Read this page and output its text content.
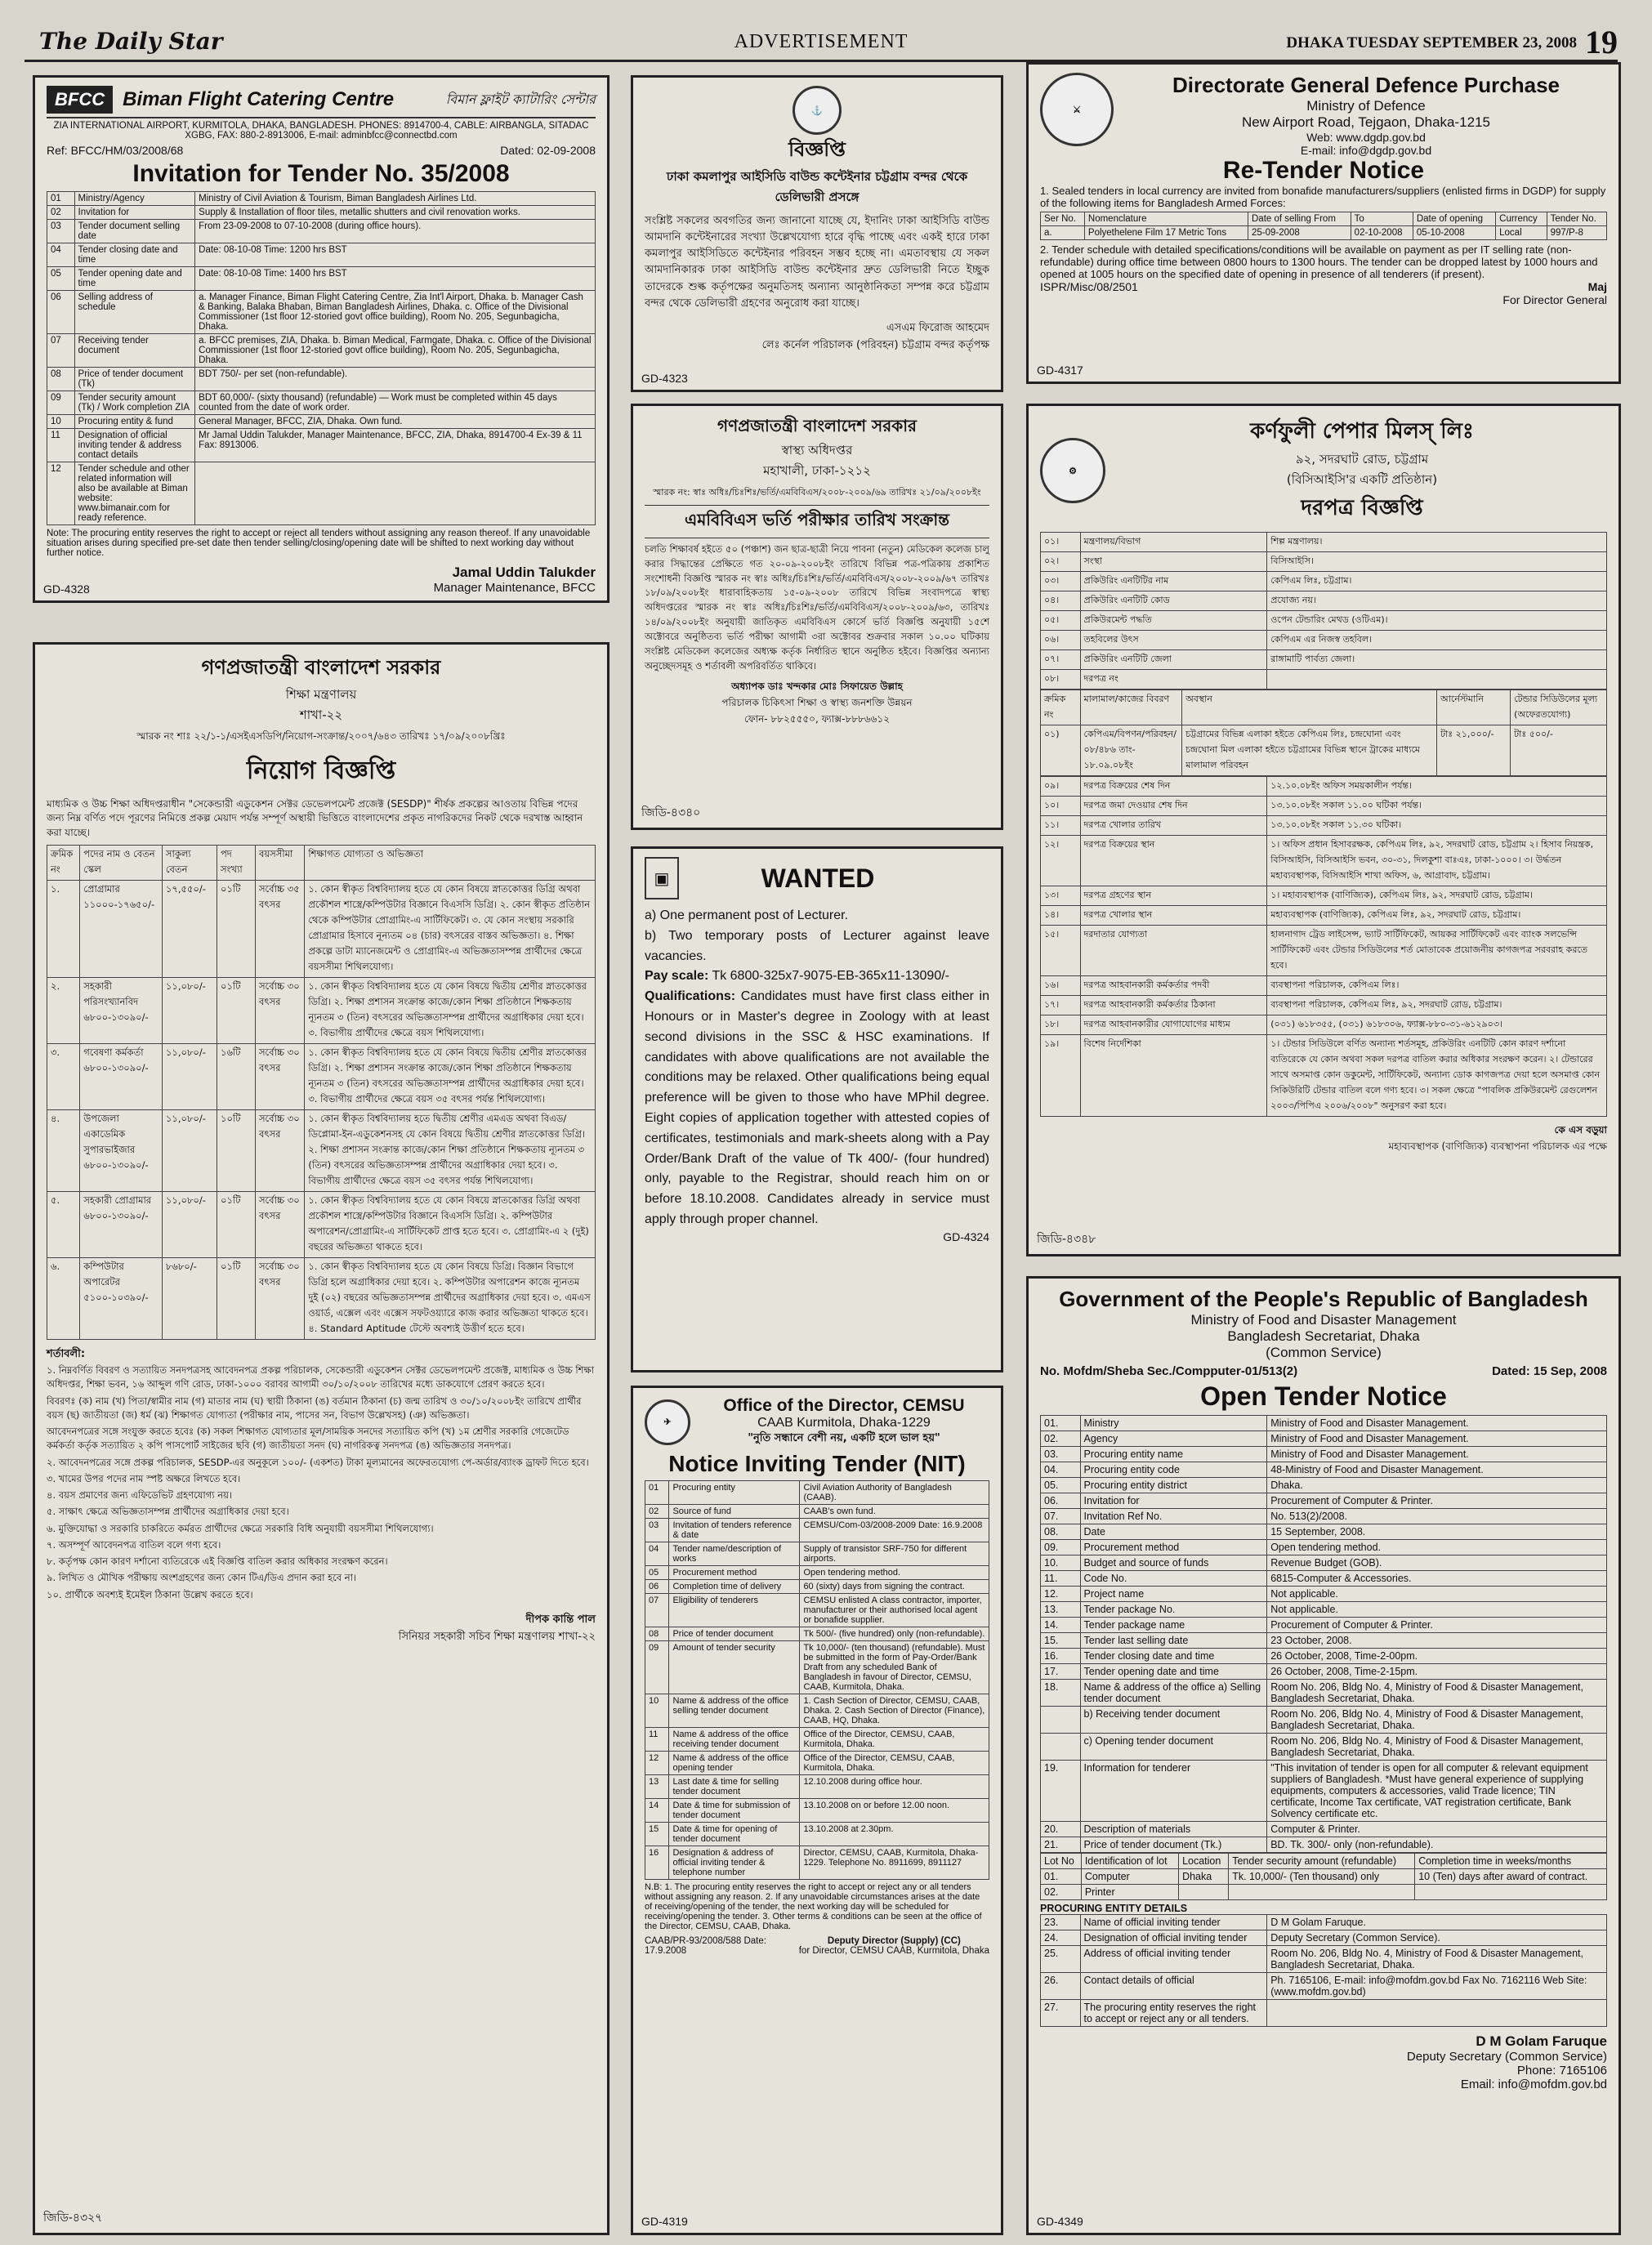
The Daily Star	ADVERTISEMENT	DHAKA TUESDAY SEPTEMBER 23, 2008 19
BFCC Biman Flight Catering Centre	বিমান ফ্লাইট ক্যাটারিং সেন্টার
ZIA INTERNATIONAL AIRPORT, KURMITOLA, DHAKA, BANGLADESH. PHONES: 8914700-4, CABLE: AIRBANGLA, SITADAC XGBG, FAX: 880-2-8913006, E-mail: adminbfcc@connectbd.com
Ref: BFCC/HM/03/2008/68	Dated: 02-09-2008
Invitation for Tender No. 35/2008
01	Ministry/Agency	Ministry of Civil Aviation & Tourism, Biman Bangladesh Airlines Ltd.
02	Invitation for	Supply & Installation of floor tiles, metallic shutters and civil renovation works.
03	Tender document selling date	From 23-09-2008 to 07-10-2008 (during office hours).
04	Tender closing date and time	Date: 08-10-08 Time: 1200 hrs BST
05	Tender opening date and time	Date: 08-10-08 Time: 1400 hrs BST
06	Selling address of schedule	a. Manager Finance, Biman Flight Catering Centre, Zia Int'l Airport, Dhaka. b. Manager Cash & Banking, Balaka Bhaban, Biman Bangladesh Airlines, Dhaka. c. Office of the Divisional Commissioner (1st floor 12-storied govt office building), Room No. 205, Segunbagicha, Dhaka.
07	Receiving tender document	a. BFCC premises, ZIA, Dhaka. b. Biman Medical, Farmgate, Dhaka. c. Office of the Divisional Commissioner (1st floor 12-storied govt office building), Room No. 205, Segunbagicha, Dhaka.
08	Price of tender document (Tk)	BDT 750/- per set (non-refundable).
09	Tender security amount (Tk) / Work completion ZIA	BDT 60,000/- (sixty thousand) (refundable) — Work must be completed within 45 days counted from the date of work order.
10	Procuring entity & fund	General Manager, BFCC, ZIA, Dhaka. Own fund.
11	Designation of official inviting tender & address contact details	Mr Jamal Uddin Talukder, Manager Maintenance, BFCC, ZIA, Dhaka, 8914700-4 Ex-39 & 11 Fax: 8913006.
12	Tender schedule and other related information will also be available at Biman website: www.bimanair.com for ready reference.	
Note: The procuring entity reserves the right to accept or reject all tenders without assigning any reason thereof. If any unavoidable situation arises during specified pre-set date then tender selling/closing/opening date will be shifted to next working day without further notice.
Jamal Uddin Talukder
Manager Maintenance, BFCC
GD-4328
⚓
বিজ্ঞপ্তি
ঢাকা কমলাপুর আইসিডি বাউন্ড কন্টেইনার চট্টগ্রাম বন্দর থেকে ডেলিভারী প্রসঙ্গে
সংশ্লিষ্ট সকলের অবগতির জন্য জানানো যাচ্ছে যে, ইদানিং ঢাকা আইসিডি বাউন্ড আমদানি কন্টেইনারের সংখ্যা উল্লেখযোগ্য হারে বৃদ্ধি পাচ্ছে এবং একই হারে ঢাকা কমলাপুর আইসিডিতে কন্টেইনার পরিবহন সম্ভব হচ্ছে না। এমতাবস্থায় যে সকল আমদানিকারক ঢাকা আইসিডি বাউন্ড কন্টেইনার দ্রুত ডেলিভারী নিতে ইচ্ছুক তাদেরকে শুল্ক কর্তৃপক্ষের অনুমতিসহ অন্যান্য আনুষ্ঠানিকতা সম্পন্ন করে চট্টগ্রাম বন্দর থেকে ডেলিভারী গ্রহণের অনুরোধ করা যাচ্ছে।
এসএম ফিরোজ আহমেদ
লেঃ কর্নেল পরিচালক (পরিবহন) চট্টগ্রাম বন্দর কর্তৃপক্ষ
GD-4323
⚔
Directorate General Defence Purchase
Ministry of Defence
New Airport Road, Tejgaon, Dhaka-1215
Web: www.dgdp.gov.bd
E-mail: info@dgdp.gov.bd
Re-Tender Notice
1. Sealed tenders in local currency are invited from bonafide manufacturers/suppliers (enlisted firms in DGDP) for supply of the following items for Bangladesh Armed Forces:
Ser No.	Nomenclature	Date of selling From	To	Date of opening	Currency	Tender No.
a.	Polyethelene Film 17 Metric Tons	25-09-2008	02-10-2008	05-10-2008	Local	997/P-8
2. Tender schedule with detailed specifications/conditions will be available on payment as per IT selling rate (non-refundable) during office time between 0800 hours to 1300 hours. The tender can be dropped latest by 1000 hours and opened at 1005 hours on the specified date of opening in presence of all tenderers (if present).
ISPR/Misc/08/2501	Maj
For Director General
GD-4317
গণপ্রজাতন্ত্রী বাংলাদেশ সরকার
শিক্ষা মন্ত্রণালয়
শাখা-২২
স্মারক নং শাঃ ২২/১-১/এসইএসডিপি/নিয়োগ-সংক্রান্ত/২০০৭/৬৪৩ তারিখঃ ১৭/০৯/২০০৮খ্রিঃ
নিয়োগ বিজ্ঞপ্তি
মাধ্যমিক ও উচ্চ শিক্ষা অধিদপ্তরাধীন "সেকেন্ডারী এডুকেশন সেক্টর ডেভেলপমেন্ট প্রজেক্ট (SESDP)" শীর্ষক প্রকল্পের আওতায় বিভিন্ন পদের জন্য নিম্ন বর্ণিত পদে পূরণের নিমিত্তে প্রকল্প মেয়াদ পর্যন্ত সম্পূর্ণ অস্থায়ী ভিত্তিতে বাংলাদেশের প্রকৃত নাগরিকদের নিকট থেকে দরখাস্ত আহ্বান করা যাচ্ছে।
ক্রমিক নং	পদের নাম ও বেতন স্কেল	সাকুল্য বেতন	পদ সংখ্যা	বয়সসীমা	শিক্ষাগত যোগ্যতা ও অভিজ্ঞতা
১.	প্রোগ্রামার ১১০০০-১৭৬৫০/-	১৭,৫৫০/-	০১টি	সর্বোচ্চ ৩৫ বৎসর	১. কোন স্বীকৃত বিশ্ববিদ্যালয় হতে যে কোন বিষয়ে স্নাতকোত্তর ডিগ্রি অথবা প্রকৌশল শাস্ত্রে/কম্পিউটার বিজ্ঞানে বিএসসি ডিগ্রি। ২. কোন স্বীকৃত প্রতিষ্ঠান থেকে কম্পিউটার প্রোগ্রামিং-এ সার্টিফিকেট। ৩. যে কোন সংস্থায় সরকারি প্রোগ্রামার হিসাবে নূন্যতম ০৪ (চার) বৎসরের বাস্তব অভিজ্ঞতা। ৪. শিক্ষা প্রকল্পে ডাটা ম্যানেজমেন্ট ও প্রোগ্রামিং-এ অভিজ্ঞতাসম্পন্ন প্রার্থীদের ক্ষেত্রে বয়সসীমা শিথিলযোগ্য।
২.	সহকারী পরিসংখ্যানবিদ ৬৮০০-১৩০৯০/-	১১,০৮০/-	০১টি	সর্বোচ্চ ৩০ বৎসর	১. কোন স্বীকৃত বিশ্ববিদ্যালয় হতে যে কোন বিষয়ে দ্বিতীয় শ্রেণীর স্নাতকোত্তর ডিগ্রি। ২. শিক্ষা প্রশাসন সংক্রান্ত কাজে/কোন শিক্ষা প্রতিষ্ঠানে শিক্ষকতায় ন্যূনতম ৩ (তিন) বৎসরের অভিজ্ঞতাসম্পন্ন প্রার্থীদের অগ্রাধিকার দেয়া হবে। ৩. বিভাগীয় প্রার্থীদের ক্ষেত্রে বয়স শিথিলযোগ্য।
৩.	গবেষণা কর্মকর্তা ৬৮০০-১৩০৯০/-	১১,০৮০/-	১৬টি	সর্বোচ্চ ৩০ বৎসর	১. কোন স্বীকৃত বিশ্ববিদ্যালয় হতে যে কোন বিষয়ে দ্বিতীয় শ্রেণীর স্নাতকোত্তর ডিগ্রি। ২. শিক্ষা প্রশাসন সংক্রান্ত কাজে/কোন শিক্ষা প্রতিষ্ঠানে শিক্ষকতায় ন্যূনতম ৩ (তিন) বৎসরের অভিজ্ঞতাসম্পন্ন প্রার্থীদের অগ্রাধিকার দেয়া হবে। ৩. বিভাগীয় প্রার্থীদের ক্ষেত্রে বয়স ৩৫ বৎসর পর্যন্ত শিথিলযোগ্য।
৪.	উপজেলা একাডেমিক সুপারভাইজার ৬৮০০-১৩০৯০/-	১১,০৮০/-	১০টি	সর্বোচ্চ ৩০ বৎসর	১. কোন স্বীকৃত বিশ্ববিদ্যালয় হতে দ্বিতীয় শ্রেণীর এমএড অথবা বিএড/ডিপ্লোমা-ইন-এডুকেশনসহ যে কোন বিষয়ে দ্বিতীয় শ্রেণীর স্নাতকোত্তর ডিগ্রি। ২. শিক্ষা প্রশাসন সংক্রান্ত কাজে/কোন শিক্ষা প্রতিষ্ঠানে শিক্ষকতায় ন্যূনতম ৩ (তিন) বৎসরের অভিজ্ঞতাসম্পন্ন প্রার্থীদের অগ্রাধিকার দেয়া হবে। ৩. বিভাগীয় প্রার্থীদের ক্ষেত্রে বয়স ৩৫ বৎসর পর্যন্ত শিথিলযোগ্য।
৫.	সহকারী প্রোগ্রামার ৬৮০০-১৩০৯০/-	১১,০৮০/-	০১টি	সর্বোচ্চ ৩০ বৎসর	১. কোন স্বীকৃত বিশ্ববিদ্যালয় হতে যে কোন বিষয়ে স্নাতকোত্তর ডিগ্রি অথবা প্রকৌশল শাস্ত্রে/কম্পিউটার বিজ্ঞানে বিএসসি ডিগ্রি। ২. কম্পিউটার অপারেশন/প্রোগ্রামিং-এ সার্টিফিকেট প্রাপ্ত হতে হবে। ৩. প্রোগ্রামিং-এ ২ (দুই) বছরের অভিজ্ঞতা থাকতে হবে।
৬.	কম্পিউটার অপারেটর ৫১০০-১০৩৯০/-	৮৬৮০/-	০১টি	সর্বোচ্চ ৩০ বৎসর	১. কোন স্বীকৃত বিশ্ববিদ্যালয় হতে যে কোন বিষয়ে ডিগ্রি। বিজ্ঞান বিভাগে ডিগ্রি হলে অগ্রাধিকার দেয়া হবে। ২. কম্পিউটার অপারেশন কাজে ন্যূনতম দুই (০২) বছরের অভিজ্ঞতাসম্পন্ন প্রার্থীদের অগ্রাধিকার দেয়া হবে। ৩. এমএস ওয়ার্ড, এক্সেল এবং এক্সেস সফটওয়্যারে কাজ করার অভিজ্ঞতা থাকতে হবে। ৪. Standard Aptitude টেস্টে অবশ্যই উত্তীর্ণ হতে হবে।
শর্তাবলী:
১. নিম্নবর্ণিত বিবরণ ও সত্যায়িত সনদপত্রসহ আবেদনপত্র প্রকল্প পরিচালক, সেকেন্ডারী এডুকেশন সেক্টর ডেভেলপমেন্ট প্রজেক্ট, মাধ্যমিক ও উচ্চ শিক্ষা অধিদপ্তর, শিক্ষা ভবন, ১৬ আব্দুল গণি রোড, ঢাকা-১০০০ বরাবর আগামী ৩০/১০/২০০৮ তারিখের মধ্যে ডাকযোগে প্রেরণ করতে হবে।
বিবরণঃ (ক) নাম (খ) পিতা/স্বামীর নাম (গ) মাতার নাম (ঘ) স্থায়ী ঠিকানা (ঙ) বর্তমান ঠিকানা (চ) জন্ম তারিখ ও ৩০/১০/২০০৮ইং তারিখে প্রার্থীর বয়স (ছ) জাতীয়তা (জ) ধর্ম (ঝ) শিক্ষাগত যোগ্যতা (পরীক্ষার নাম, পাসের সন, বিভাগ উল্লেখসহ) (ঞ) অভিজ্ঞতা।
আবেদনপত্রের সঙ্গে সংযুক্ত করতে হবেঃ (ক) সকল শিক্ষাগত যোগ্যতার মূল/সাময়িক সনদের সত্যায়িত কপি (খ) ১ম শ্রেণীর সরকারি গেজেটেড কর্মকর্তা কর্তৃক সত্যায়িত ২ কপি পাসপোর্ট সাইজের ছবি (গ) জাতীয়তা সনদ (ঘ) নাগরিকত্ব সনদপত্র (ঙ) অভিজ্ঞতার সনদপত্র।
২. আবেদনপত্রের সঙ্গে প্রকল্প পরিচালক, SESDP-এর অনুকূলে ১০০/- (একশত) টাকা মূল্যমানের অফেরতযোগ্য পে-অর্ডার/ব্যাংক ড্রাফট দিতে হবে।
৩. খামের উপর পদের নাম স্পষ্ট অক্ষরে লিখতে হবে।
৪. বয়স প্রমাণের জন্য এফিডেভিট গ্রহণযোগ্য নয়।
৫. সাক্ষাৎ ক্ষেত্রে অভিজ্ঞতাসম্পন্ন প্রার্থীদের অগ্রাধিকার দেয়া হবে।
৬. মুক্তিযোদ্ধা ও সরকারি চাকরিতে কর্মরত প্রার্থীদের ক্ষেত্রে সরকারি বিধি অনুযায়ী বয়সসীমা শিথিলযোগ্য।
৭. অসম্পূর্ণ আবেদনপত্র বাতিল বলে গণ্য হবে।
৮. কর্তৃপক্ষ কোন কারণ দর্শানো ব্যতিরেকে এই বিজ্ঞপ্তি বাতিল করার অধিকার সংরক্ষণ করেন।
৯. লিখিত ও মৌখিক পরীক্ষায় অংশগ্রহণের জন্য কোন টিএ/ডিএ প্রদান করা হবে না।
১০. প্রার্থীকে অবশ্যই ইমেইল ঠিকানা উল্লেখ করতে হবে।
দীপক কান্তি পাল
সিনিয়র সহকারী সচিব শিক্ষা মন্ত্রণালয় শাখা-২২
জিডি-৪৩২৭
গণপ্রজাতন্ত্রী বাংলাদেশ সরকার
স্বাস্থ্য অধিদপ্তর
মহাখালী, ঢাকা-১২১২
স্মারক নং: স্বাঃ অধিঃ/চিঃশিঃ/ভর্তি/এমবিবিএস/২০০৮-২০০৯/৬৯ তারিখঃ ২১/০৯/২০০৮ইং
এমবিবিএস ভর্তি পরীক্ষার তারিখ সংক্রান্ত
চলতি শিক্ষাবর্ষ হইতে ৫০ (পঞ্চাশ) জন ছাত্র-ছাত্রী নিয়ে পাবনা (নতুন) মেডিকেল কলেজ চালু করার সিদ্ধান্তের প্রেক্ষিতে গত ২০-০৯-২০০৮ইং তারিখে বিভিন্ন পত্র-পত্রিকায় প্রকাশিত সংশোধনী বিজ্ঞপ্তি স্মারক নং স্বাঃ অধিঃ/চিঃশিঃ/ভর্তি/এমবিবিএস/২০০৮-২০০৯/৬৭ তারিখঃ ১৮/০৯/২০০৮ইং ধারাবাহিকতায় ১৫-০৯-২০০৮ তারিখে বিভিন্ন সংবাদপত্রে স্বাস্থ্য অধিদপ্তরের স্মারক নং স্বাঃ অধিঃ/চিঃশিঃ/ভর্তি/এমবিবিএস/২০০৮-২০০৯/৬৩, তারিখঃ ১৪/০৯/২০০৮ইং অনুযায়ী জাতিকৃত এমবিবিএস কোর্সে ভর্তি বিজ্ঞপ্তি অনুযায়ী ১৫শে অক্টোবরে অনুষ্ঠিতব্য ভর্তি পরীক্ষা আগামী ৩রা অক্টোবর শুক্রবার সকাল ১০.০০ ঘটিকায় সংশ্লিষ্ট মেডিকেল কলেজের অধ্যক্ষ কর্তৃক নির্ধারিত স্থানে অনুষ্ঠিত হইবে। বিজ্ঞপ্তির অন্যান্য অনুচ্ছেদসমূহ ও শর্তাবলী অপরিবর্তিত থাকিবে।
অধ্যাপক ডাঃ খন্দকার মোঃ সিফায়েত উল্লাহ
পরিচালক চিকিৎসা শিক্ষা ও স্বাস্থ্য জনশক্তি উন্নয়ন
ফোন- ৮৮২৫৫৫০, ফ্যাক্স-৮৮৮৬৬১২
জিডি-৪৩৪০
▣	WANTED
a) One permanent post of Lecturer.
b) Two temporary posts of Lecturer against leave vacancies.
Pay scale: Tk 6800-325x7-9075-EB-365x11-13090/-
Qualifications: Candidates must have first class either in Honours or in Master's degree in Zoology with at least second divisions in the SSC & HSC examinations. If candidates with above qualifications are not available the conditions may be relaxed. Other qualifications being equal preference will be given to those who have MPhil degree. Eight copies of application together with attested copies of certificates, testimonials and mark-sheets along with a Pay Order/Bank Draft of the value of Tk 400/- (four hundred) only, payable to the Registrar, should reach him on or before 18.10.2008. Candidates already in service must apply through proper channel.
GD-4324
✈
Office of the Director, CEMSU
CAAB Kurmitola, Dhaka-1229
"নুতি সন্ধানে বেশী নয়, একটি হলে ভাল হয়"
Notice Inviting Tender (NIT)
01	Procuring entity	Civil Aviation Authority of Bangladesh (CAAB).
02	Source of fund	CAAB's own fund.
03	Invitation of tenders reference & date	CEMSU/Com-03/2008-2009 Date: 16.9.2008
04	Tender name/description of works	Supply of transistor SRF-750 for different airports.
05	Procurement method	Open tendering method.
06	Completion time of delivery	60 (sixty) days from signing the contract.
07	Eligibility of tenderers	CEMSU enlisted A class contractor, importer, manufacturer or their authorised local agent or bonafide supplier.
08	Price of tender document	Tk 500/- (five hundred) only (non-refundable).
09	Amount of tender security	Tk 10,000/- (ten thousand) (refundable). Must be submitted in the form of Pay-Order/Bank Draft from any scheduled Bank of Bangladesh in favour of Director, CEMSU, CAAB, Kurmitola, Dhaka.
10	Name & address of the office selling tender document	1. Cash Section of Director, CEMSU, CAAB, Dhaka. 2. Cash Section of Director (Finance), CAAB, HQ, Dhaka.
11	Name & address of the office receiving tender document	Office of the Director, CEMSU, CAAB, Kurmitola, Dhaka.
12	Name & address of the office opening tender	Office of the Director, CEMSU, CAAB, Kurmitola, Dhaka.
13	Last date & time for selling tender document	12.10.2008 during office hour.
14	Date & time for submission of tender document	13.10.2008 on or before 12.00 noon.
15	Date & time for opening of tender document	13.10.2008 at 2.30pm.
16	Designation & address of official inviting tender & telephone number	Director, CEMSU, CAAB, Kurmitola, Dhaka-1229. Telephone No. 8911699, 8911127
N.B: 1. The procuring entity reserves the right to accept or reject any or all tenders without assigning any reason. 2. If any unavoidable circumstances arises at the date of receiving/opening of the tender, the next working day will be scheduled for receiving/opening the tender. 3. Other terms & conditions can be seen at the office of the Director, CEMSU, CAAB, Dhaka.
CAAB/PR-93/2008/588 Date: 17.9.2008
Deputy Director (Supply) (CC)
for Director, CEMSU CAAB, Kurmitola, Dhaka
GD-4319
⚙
কর্ণফুলী পেপার মিলস্ লিঃ
৯২, সদরঘাট রোড, চট্টগ্রাম
(বিসিআইসি'র একটি প্রতিষ্ঠান)
দরপত্র বিজ্ঞপ্তি
০১।	মন্ত্রণালয়/বিভাগ	শিল্প মন্ত্রণালয়।
০২।	সংস্থা	বিসিআইসি।
০৩।	প্রকিউরিং এনটিটির নাম	কেপিএম লিঃ, চট্টগ্রাম।
০৪।	প্রকিউরিং এনটিটি কোড	প্রযোজ্য নয়।
০৫।	প্রকিউরমেন্ট পদ্ধতি	ওপেন টেন্ডারিং মেথড (ওটিএম)।
০৬।	তহবিলের উৎস	কেপিএম এর নিজস্ব তহবিল।
০৭।	প্রকিউরিং এনটিটি জেলা	রাঙ্গামাটি পার্বত্য জেলা।
০৮।	দরপত্র নং	
ক্রমিক নং	মালামাল/কাজের বিবরণ	অবস্থান	আর্নেস্টমানি	টেন্ডার সিডিউলের মূল্য (অফেরতযোগ্য)
০১)	কেপিএম/বিপণন/পরিবহন/০৮/৪৮৬ তাং- ১৮.০৯.০৮ইং	চট্টগ্রামের বিভিন্ন এলাকা হইতে কেপিএম লিঃ, চন্দ্রঘোনা এবং চন্দ্রঘোনা মিল এলাকা হইতে চট্টগ্রামের বিভিন্ন স্থানে ট্রাকের মাধ্যমে মালামাল পরিবহন	টাঃ ২১,০০০/-	টাঃ ৫০০/-
০৯।	দরপত্র বিক্রয়ের শেষ দিন	১২.১০.০৮ইং অফিস সময়কালীন পর্যন্ত।
১০।	দরপত্র জমা দেওয়ার শেষ দিন	১৩.১০.০৮ইং সকাল ১১.০০ ঘটিকা পর্যন্ত।
১১।	দরপত্র খোলার তারিখ	১৩.১০.০৮ইং সকাল ১১.৩০ ঘটিকা।
১২।	দরপত্র বিক্রয়ের স্থান	১। অফিস প্রধান হিসাবরক্ষক, কেপিএম লিঃ, ৯২, সদরঘাট রোড, চট্টগ্রাম ২। হিসাব নিয়ন্ত্রক, বিসিআইসি, বিসিআইসি ভবন, ৩০-৩১, দিলকুশা বাঃএঃ, ঢাকা-১০০০। ৩। উর্দ্ধতন মহাব্যবস্থাপক, বিসিআইসি শাখা অফিস, ৬, আগ্রাবাদ, চট্টগ্রাম।
১৩।	দরপত্র গ্রহণের স্থান	১। মহাব্যবস্থাপক (বাণিজ্যিক), কেপিএম লিঃ, ৯২, সদরঘাট রোড, চট্টগ্রাম।
১৪।	দরপত্র খোলার স্থান	মহাব্যবস্থাপক (বাণিজ্যিক), কেপিএম লিঃ, ৯২, সদরঘাট রোড, চট্টগ্রাম।
১৫।	দরদাতার যোগ্যতা	হালনাগাদ ট্রেড লাইসেন্স, ভ্যাট সার্টিফিকেট, আয়কর সার্টিফিকেট এবং ব্যাংক সলভেন্সি সার্টিফিকেট এবং টেন্ডার সিডিউলের শর্ত মোতাবেক প্রয়োজনীয় কাগজপত্র সরবরাহ করতে হবে।
১৬।	দরপত্র আহবানকারী কর্মকর্তার পদবী	ব্যবস্থাপনা পরিচালক, কেপিএম লিঃ।
১৭।	দরপত্র আহবানকারী কর্মকর্তার ঠিকানা	ব্যবস্থাপনা পরিচালক, কেপিএম লিঃ, ৯২, সদরঘাট রোড, চট্টগ্রাম।
১৮।	দরপত্র আহবানকারীর যোগাযোগের মাধ্যম	(০৩১) ৬১৮৩৫৫, (০৩১) ৬১৮৩০৬, ফ্যাক্স-৮৮০-৩১-৬১২৯০৩।
১৯।	বিশেষ নির্দেশিকা	১। টেন্ডার সিডিউলে বর্ণিত অন্যান্য শর্তসমূহ, প্রকিউরিং এনটিটি কোন কারণ দর্শানো ব্যতিরেকে যে কোন অথবা সকল দরপত্র বাতিল করার অধিকার সংরক্ষণ করেন। ২। টেন্ডারের সাথে অসমাপ্ত কোন ডকুমেন্ট, সার্টিফিকেট, অন্যান্য ডোক কাগজপত্র দেয়া হলে অসমাপ্ত কোন সিকিউরিটি টেন্ডার বাতিল বলে গণ্য হবে। ৩। সকল ক্ষেত্রে "পাবলিক প্রকিউরমেন্ট রেগুলেশন ২০০৩/পিপিএ ২০০৬/২০০৮" অনুসরণ করা হবে।
কে এস বড়ুয়া
মহাব্যবস্থাপক (বাণিজ্যিক) ব্যবস্থাপনা পরিচালক এর পক্ষে
জিডি-৪৩৪৮
Government of the People's Republic of Bangladesh
Ministry of Food and Disaster Management
Bangladesh Secretariat, Dhaka
(Common Service)
No. Mofdm/Sheba Sec./Compputer-01/513(2)	Dated: 15 Sep, 2008
Open Tender Notice
01.	Ministry	Ministry of Food and Disaster Management.
02.	Agency	Ministry of Food and Disaster Management.
03.	Procuring entity name	Ministry of Food and Disaster Management.
04.	Procuring entity code	48-Ministry of Food and Disaster Management.
05.	Procuring entity district	Dhaka.
06.	Invitation for	Procurement of Computer & Printer.
07.	Invitation Ref No.	No. 513(2)/2008.
08.	Date	15 September, 2008.
09.	Procurement method	Open tendering method.
10.	Budget and source of funds	Revenue Budget (GOB).
11.	Code No.	6815-Computer & Accessories.
12.	Project name	Not applicable.
13.	Tender package No.	Not applicable.
14.	Tender package name	Procurement of Computer & Printer.
15.	Tender last selling date	23 October, 2008.
16.	Tender closing date and time	26 October, 2008, Time-2-00pm.
17.	Tender opening date and time	26 October, 2008, Time-2-15pm.
18.	Name & address of the office a) Selling tender document	Room No. 206, Bldg No. 4, Ministry of Food & Disaster Management, Bangladesh Secretariat, Dhaka.
	b) Receiving tender document	Room No. 206, Bldg No. 4, Ministry of Food & Disaster Management, Bangladesh Secretariat, Dhaka.
	c) Opening tender document	Room No. 206, Bldg No. 4, Ministry of Food & Disaster Management, Bangladesh Secretariat, Dhaka.
19.	Information for tenderer	"This invitation of tender is open for all computer & relevant equipment suppliers of Bangladesh. *Must have general experience of supplying equipments, computers & accessories, valid Trade licence; TIN certificate, Income Tax certificate, VAT registration certificate, Bank Solvency certificate etc.
20.	Description of materials	Computer & Printer.
21.	Price of tender document (Tk.)	BD. Tk. 300/- only (non-refundable).
Lot No	Identification of lot	Location	Tender security amount (refundable)	Completion time in weeks/months
01.	Computer	Dhaka	Tk. 10,000/- (Ten thousand) only	10 (Ten) days after award of contract.
02.	Printer			
PROCURING ENTITY DETAILS
23.	Name of official inviting tender	D M Golam Faruque.
24.	Designation of official inviting tender	Deputy Secretary (Common Service).
25.	Address of official inviting tender	Room No. 206, Bldg No. 4, Ministry of Food & Disaster Management, Bangladesh Secretariat, Dhaka.
26.	Contact details of official	Ph. 7165106, E-mail: info@mofdm.gov.bd Fax No. 7162116 Web Site: (www.mofdm.gov.bd)
27.	The procuring entity reserves the right to accept or reject any or all tenders.	
D M Golam Faruque
Deputy Secretary (Common Service)
Phone: 7165106
Email: info@mofdm.gov.bd
GD-4349
